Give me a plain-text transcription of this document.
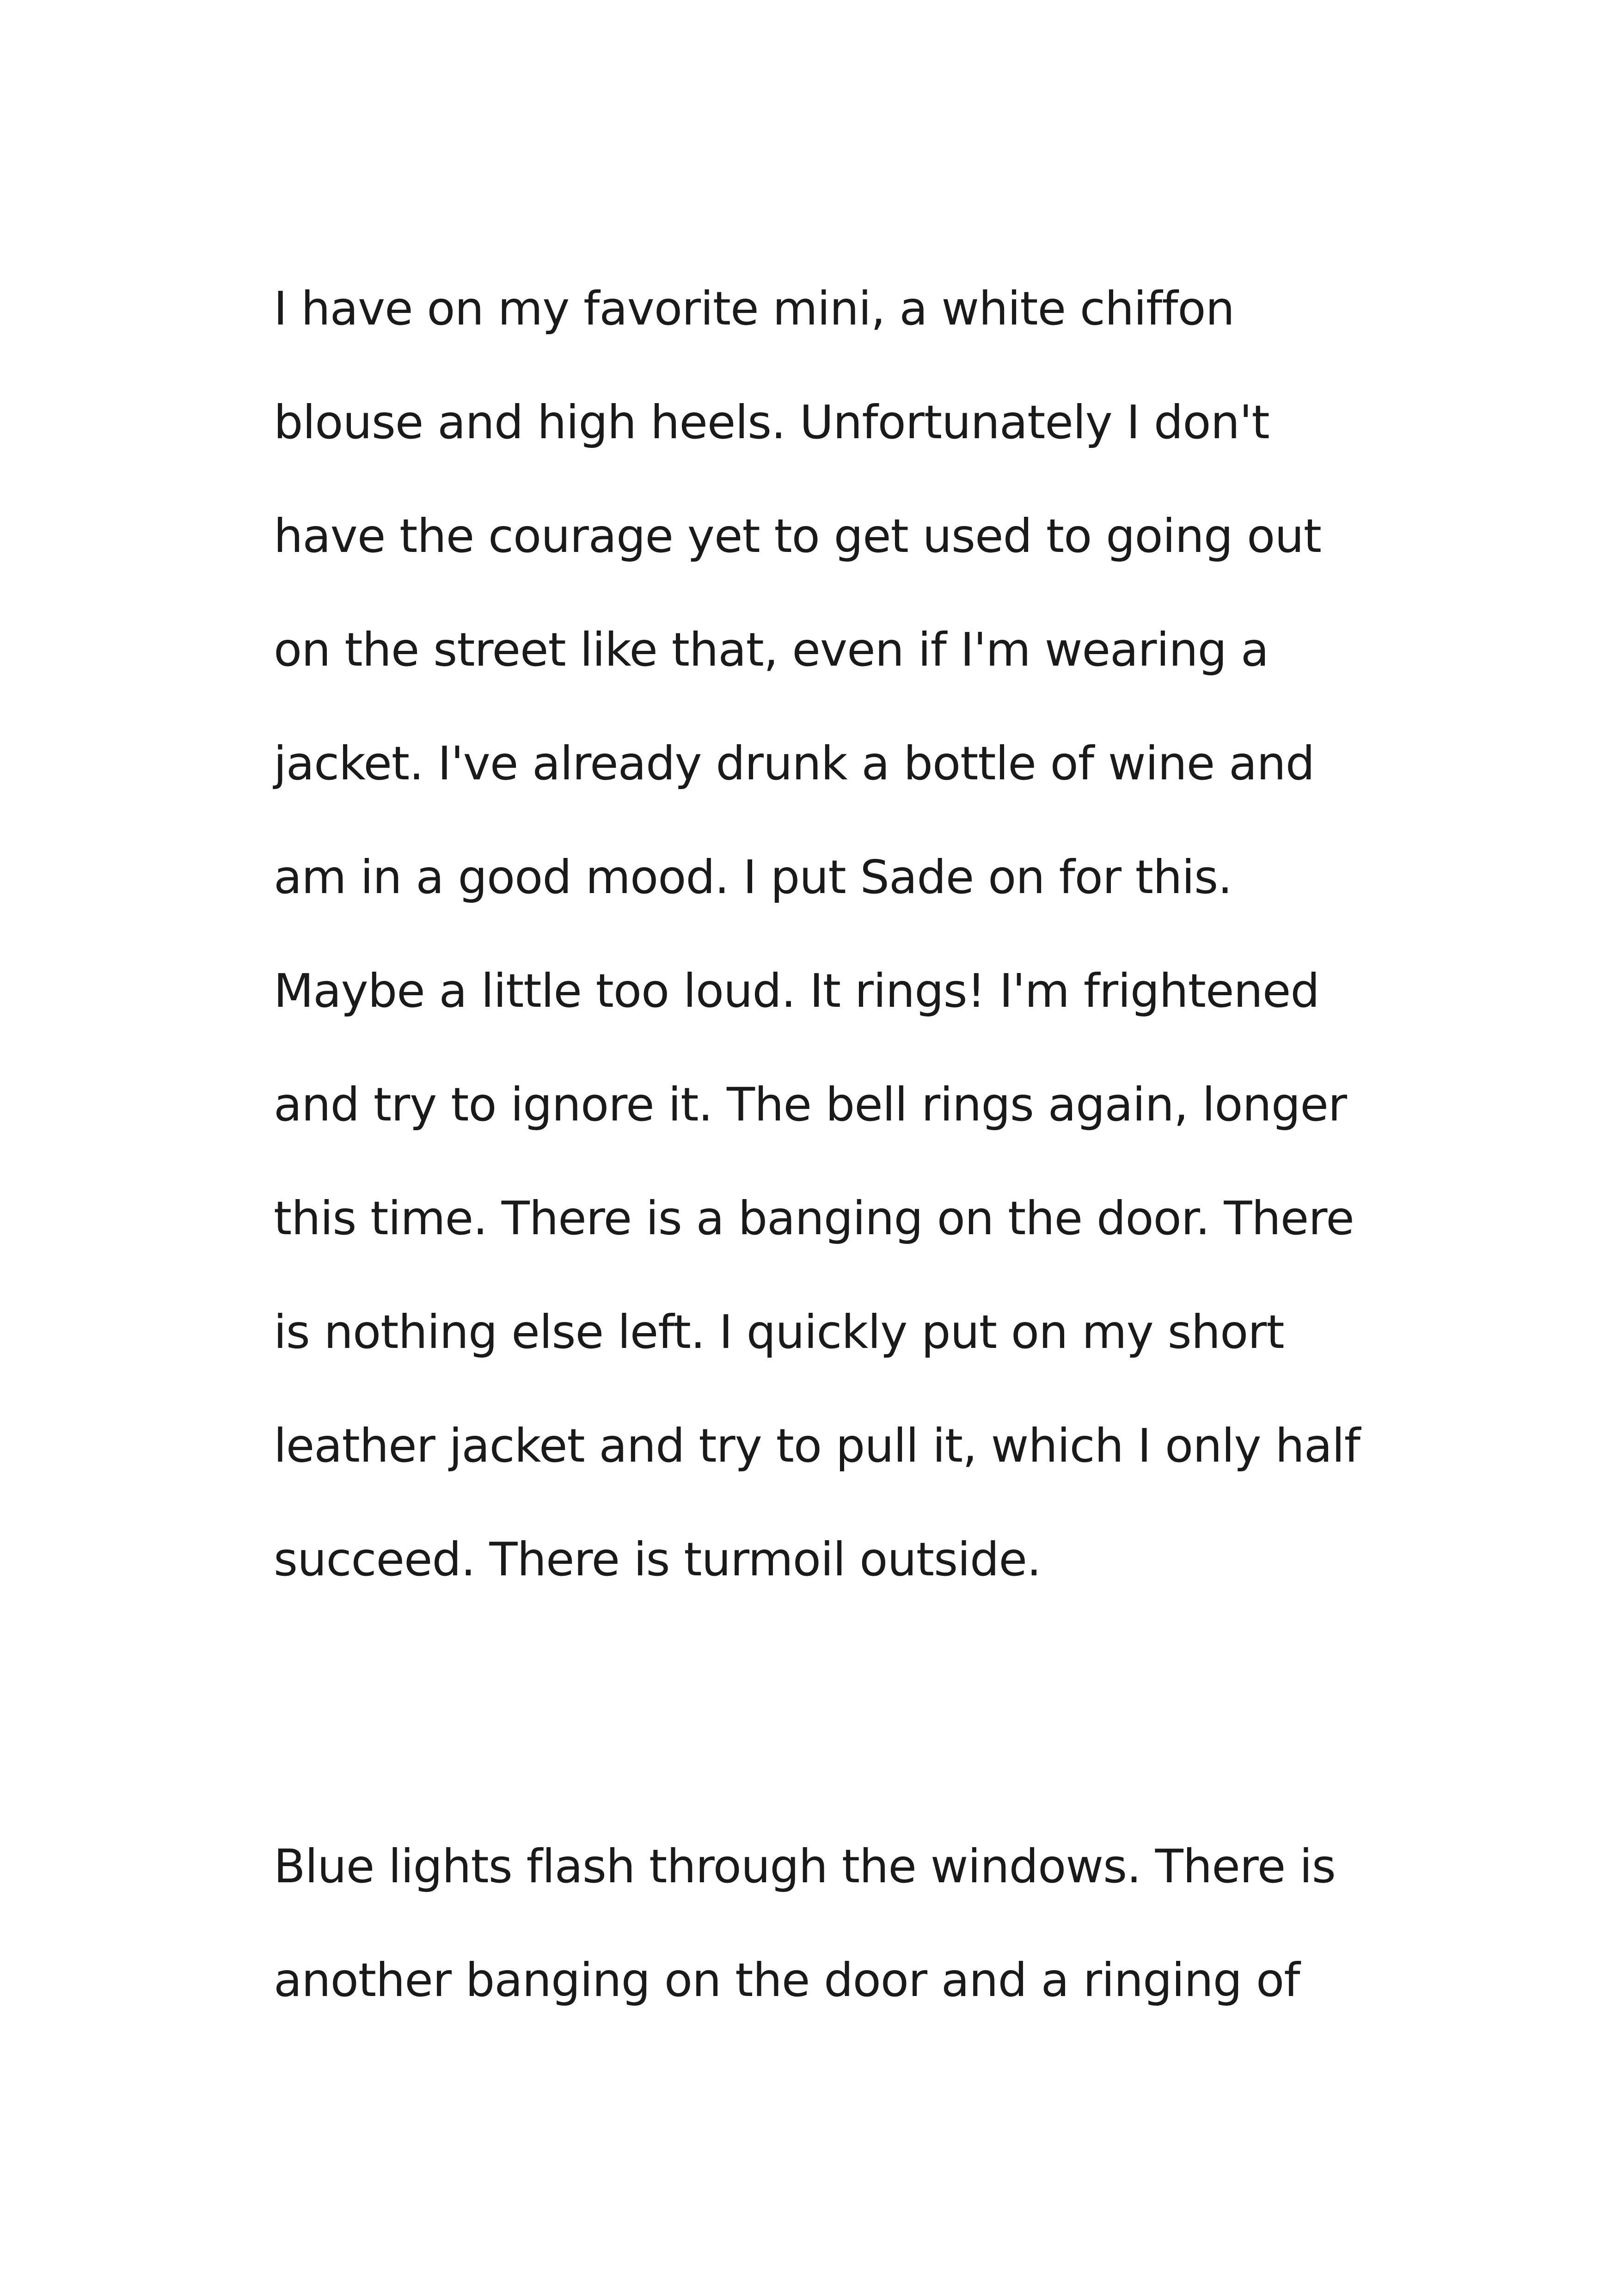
I have on my favorite mini, a white chiffon
blouse and high heels. Unfortunately I don't
have the courage yet to get used to going out
on the street like that, even if I'm wearing a
jacket. I've already drunk a bottle of wine and
am in a good mood. I put Sade on for this.
Maybe a little too loud. It rings! I'm frightened
and try to ignore it. The bell rings again, longer
this time. There is a banging on the door. There
is nothing else left. I quickly put on my short
leather jacket and try to pull it, which I only half
succeed. There is turmoil outside.

Blue lights flash through the windows. There is
another banging on the door and a ringing of
